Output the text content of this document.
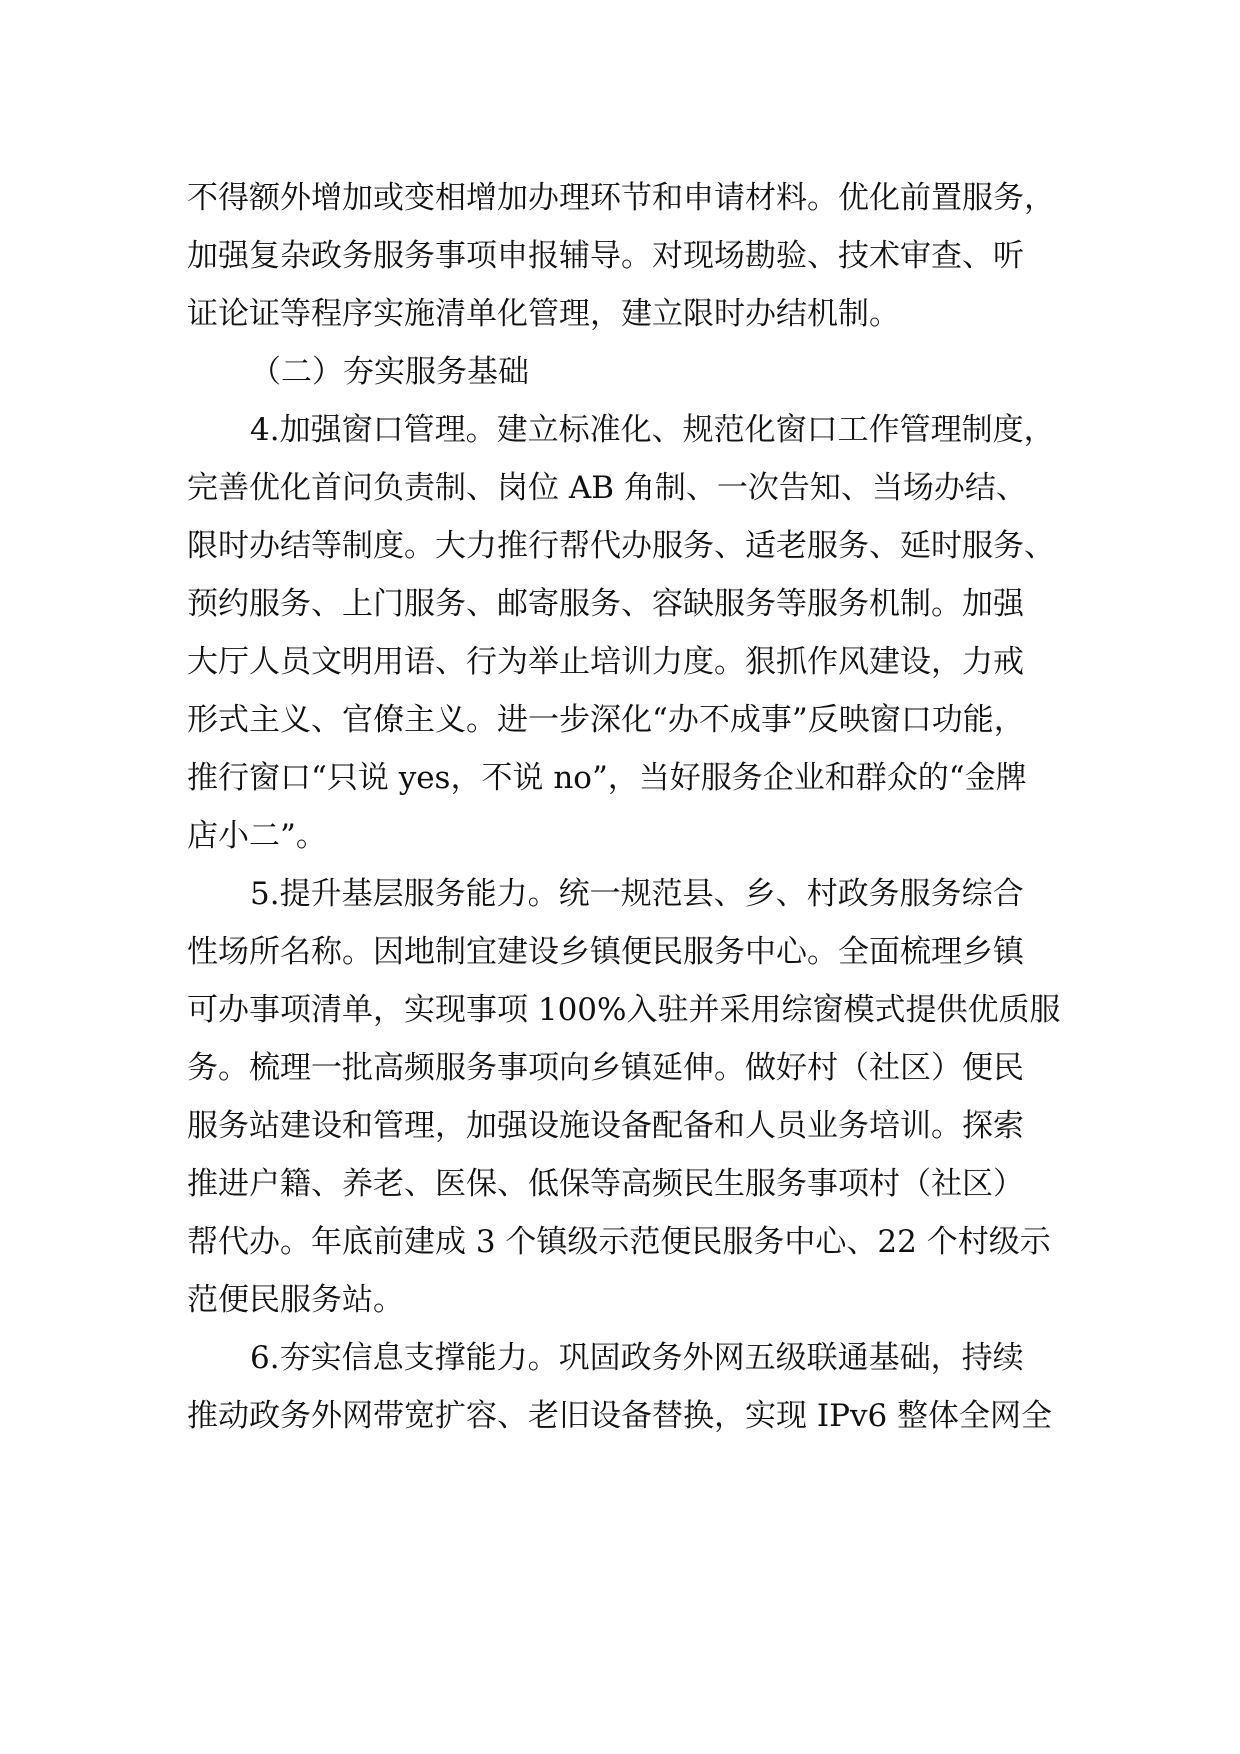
不得额外增加或变相增加办理环节和申请材料。优化前置服务，
加强复杂政务服务事项申报辅导。对现场勘验、技术审查、听
证论证等程序实施清单化管理，建立限时办结机制。
（二）夯实服务基础
4.加强窗口管理。建立标准化、规范化窗口工作管理制度，
完善优化首问负责制、岗位 AB 角制、一次告知、当场办结、
限时办结等制度。大力推行帮代办服务、适老服务、延时服务、
预约服务、上门服务、邮寄服务、容缺服务等服务机制。加强
大厅人员文明用语、行为举止培训力度。狠抓作风建设，力戒
形式主义、官僚主义。进一步深化“办不成事”反映窗口功能，
推行窗口“只说 yes，不说 no”，当好服务企业和群众的“金牌
店小二”。
5.提升基层服务能力。统一规范县、乡、村政务服务综合
性场所名称。因地制宜建设乡镇便民服务中心。全面梳理乡镇
可办事项清单，实现事项 100%入驻并采用综窗模式提供优质服
务。梳理一批高频服务事项向乡镇延伸。做好村（社区）便民
服务站建设和管理，加强设施设备配备和人员业务培训。探索
推进户籍、养老、医保、低保等高频民生服务事项村（社区）
帮代办。年底前建成 3 个镇级示范便民服务中心、22 个村级示
范便民服务站。
6.夯实信息支撑能力。巩固政务外网五级联通基础，持续
推动政务外网带宽扩容、老旧设备替换，实现 IPv6 整体全网全
